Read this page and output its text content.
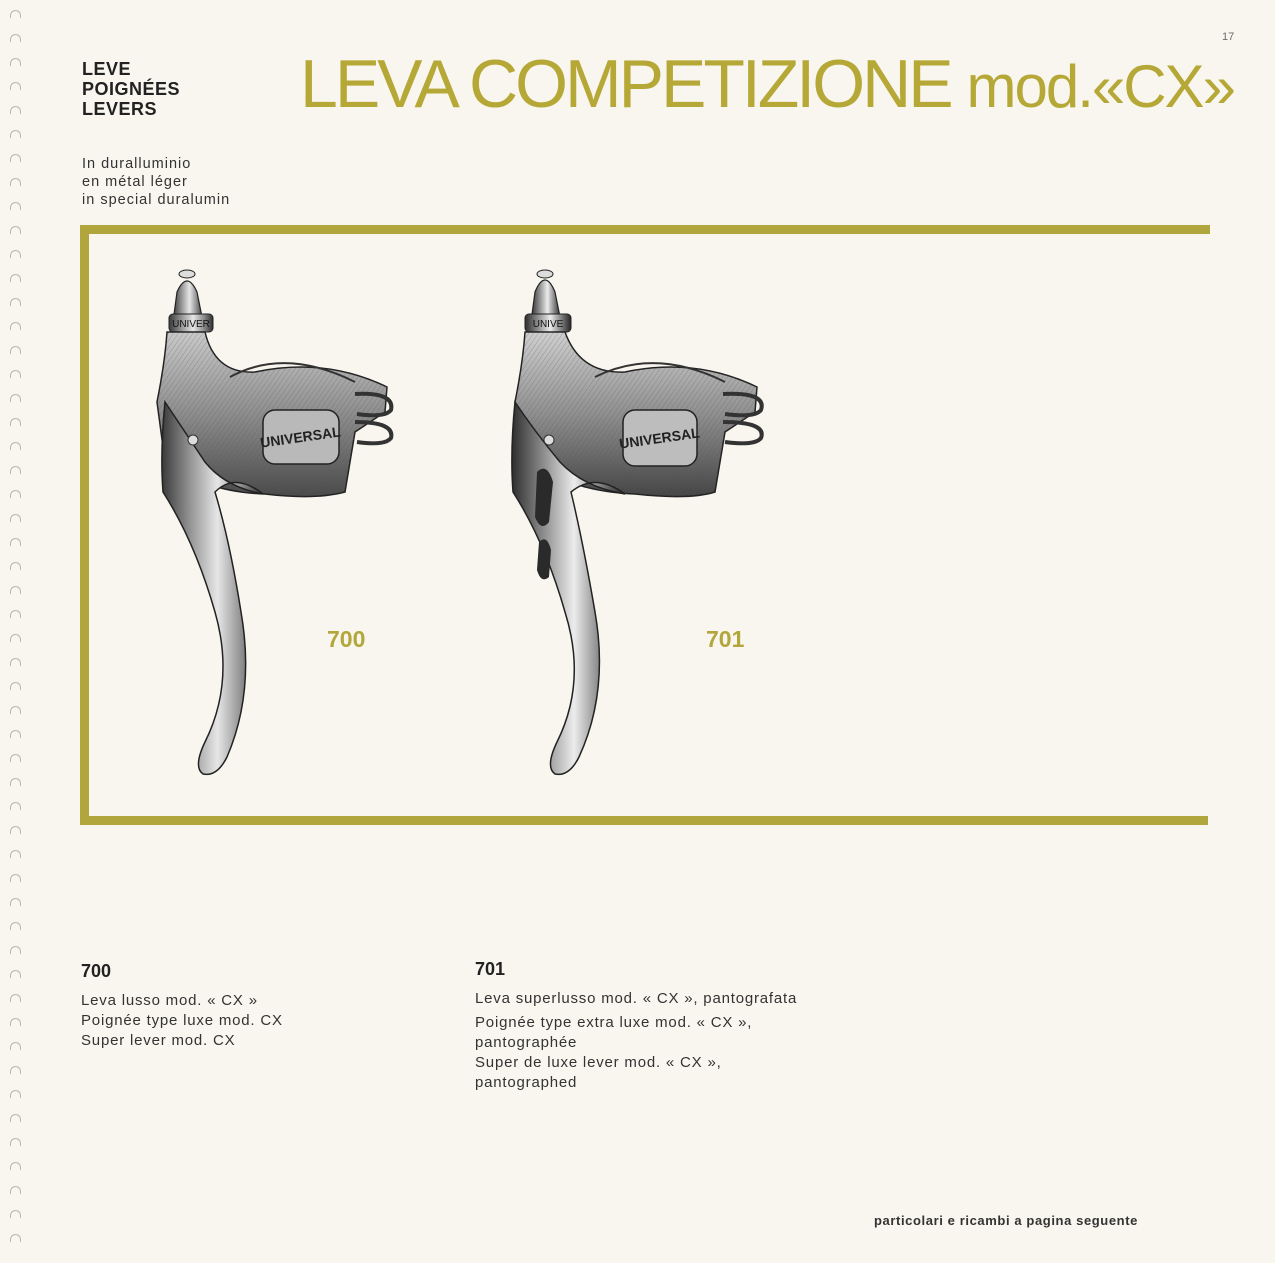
17
LEVE
POIGNÉES
LEVERS	LEVA COMPETIZIONE mod.«CX»
In duralluminio
en métal léger
in special duralumin
UNIVER
UNIVERSAL
UNIVE
UNIVERSAL
700	701
700

Leva lusso mod. « CX »

Poignée type luxe mod. CX

Super lever mod. CX

701

Leva superlusso mod. « CX », pantografata

Poignée type extra luxe mod. « CX », pantographée

Super de luxe lever mod. « CX », pantographed

particolari e ricambi a pagina seguente
